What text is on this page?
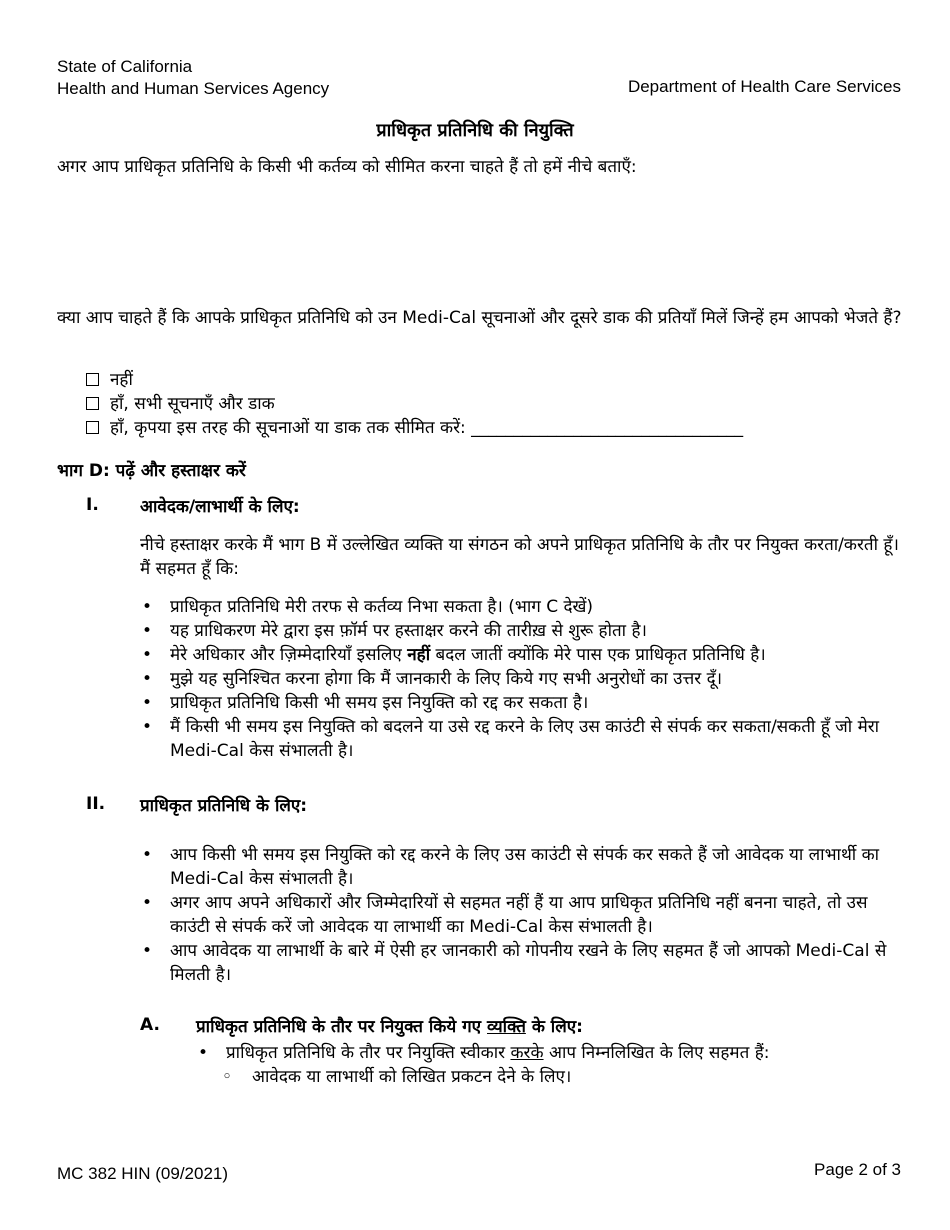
State of California
Health and Human Services Agency	Department of Health Care Services
प्राधिकृत प्रतिनिधि की नियुक्ति
अगर आप प्राधिकृत प्रतिनिधि के किसी भी कर्तव्य को सीमित करना चाहते हैं तो हमें नीचे बताएँ:
क्या आप चाहते हैं कि आपके प्राधिकृत प्रतिनिधि को उन Medi-Cal सूचनाओं और दूसरे डाक की प्रतियाँ मिलें जिन्हें हम आपको भेजते हैं?
नहीं
हाँ, सभी सूचनाएँ और डाक
हाँ, कृपया इस तरह की सूचनाओं या डाक तक सीमित करें: ________________________________
भाग D: पढ़ें और हस्ताक्षर करें
I. आवेदक/लाभार्थी के लिए:
नीचे हस्ताक्षर करके मैं भाग B में उल्लेखित व्यक्ति या संगठन को अपने प्राधिकृत प्रतिनिधि के तौर पर नियुक्त करता/करती हूँ। मैं सहमत हूँ कि:
• प्राधिकृत प्रतिनिधि मेरी तरफ से कर्तव्य निभा सकता है। (भाग C देखें)
• यह प्राधिकरण मेरे द्वारा इस फ़ॉर्म पर हस्ताक्षर करने की तारीख़ से शुरू होता है।
• मेरे अधिकार और ज़िम्मेदारियाँ इसलिए नहीं बदल जातीं क्योंकि मेरे पास एक प्राधिकृत प्रतिनिधि है।
• मुझे यह सुनिश्चित करना होगा कि मैं जानकारी के लिए किये गए सभी अनुरोधों का उत्तर दूँ।
• प्राधिकृत प्रतिनिधि किसी भी समय इस नियुक्ति को रद्द कर सकता है।
• मैं किसी भी समय इस नियुक्ति को बदलने या उसे रद्द करने के लिए उस काउंटी से संपर्क कर सकता/सकती हूँ जो मेरा Medi-Cal केस संभालती है।
II. प्राधिकृत प्रतिनिधि के लिए:
• आप किसी भी समय इस नियुक्ति को रद्द करने के लिए उस काउंटी से संपर्क कर सकते हैं जो आवेदक या लाभार्थी का Medi-Cal केस संभालती है।
• अगर आप अपने अधिकारों और जिम्मेदारियों से सहमत नहीं हैं या आप प्राधिकृत प्रतिनिधि नहीं बनना चाहते, तो उस काउंटी से संपर्क करें जो आवेदक या लाभार्थी का Medi-Cal केस संभालती है।
• आप आवेदक या लाभार्थी के बारे में ऐसी हर जानकारी को गोपनीय रखने के लिए सहमत हैं जो आपको Medi-Cal से मिलती है।
A. प्राधिकृत प्रतिनिधि के तौर पर नियुक्त किये गए व्यक्ति के लिए:
• प्राधिकृत प्रतिनिधि के तौर पर नियुक्ति स्वीकार करके आप निम्नलिखित के लिए सहमत हैं:
◦ आवेदक या लाभार्थी को लिखित प्रकटन देने के लिए।
MC 382 HIN (09/2021)	Page 2 of 3
